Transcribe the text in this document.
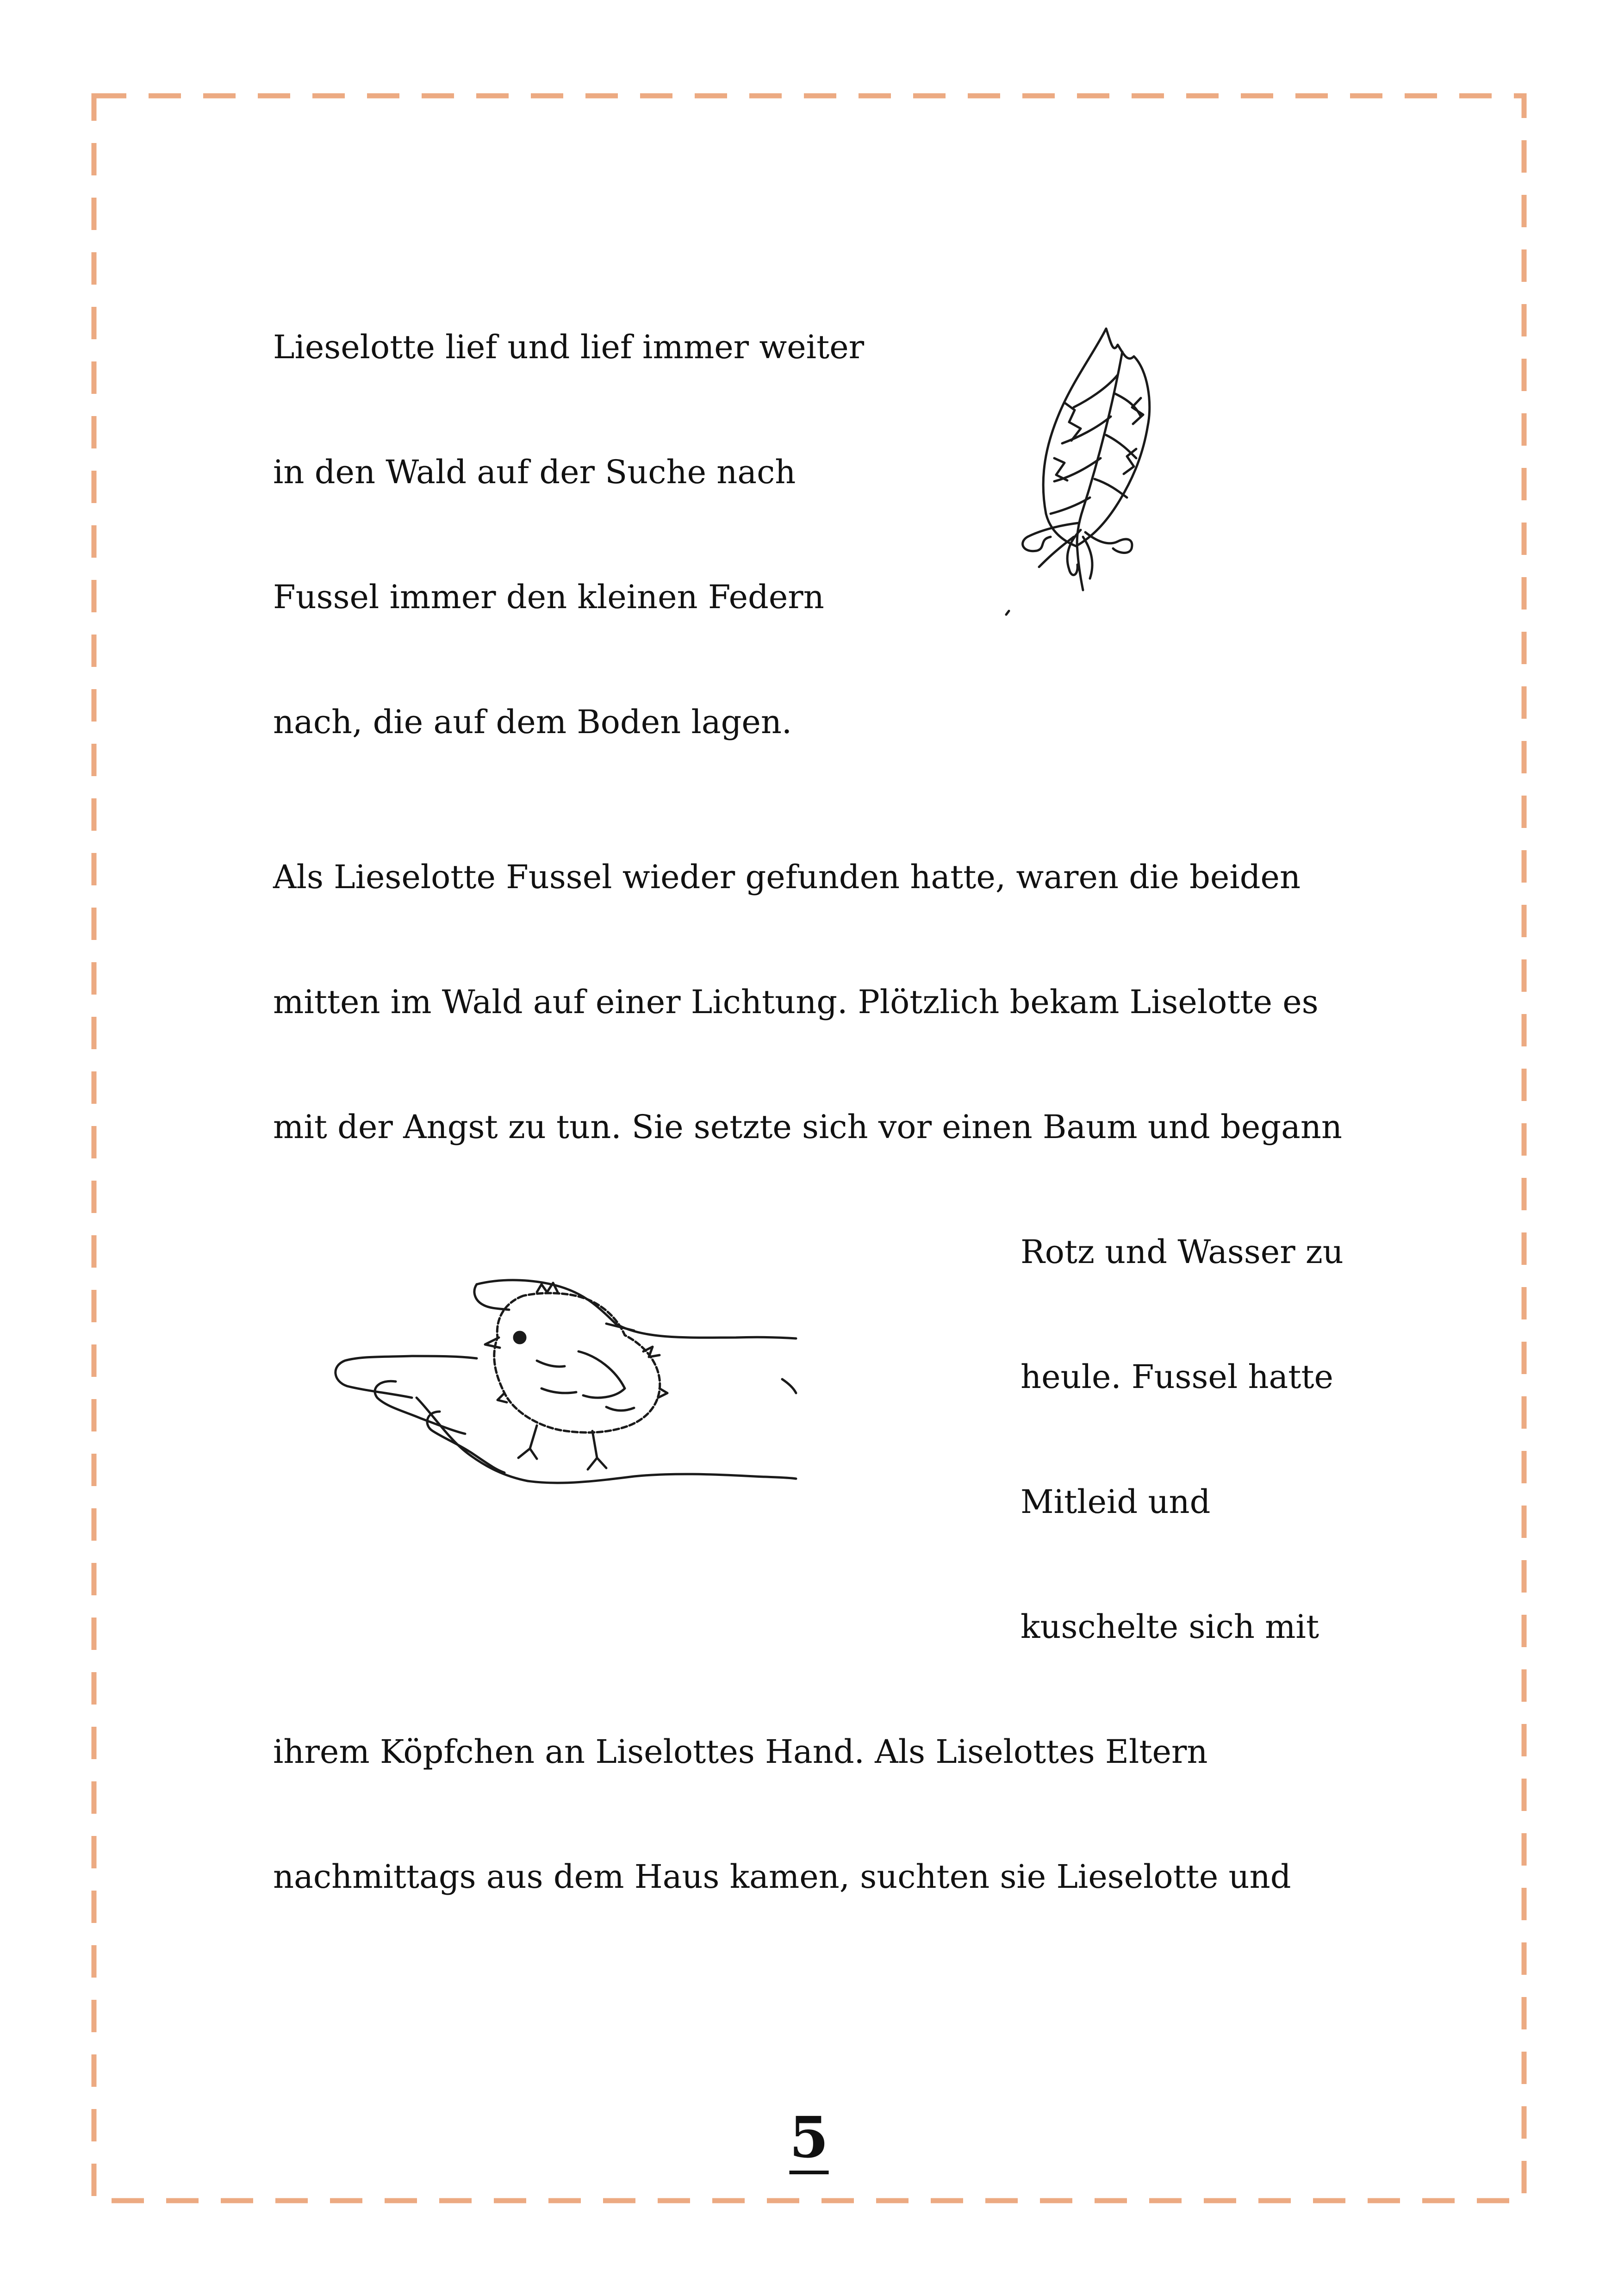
Lieselotte lief und lief immer weiter

in den Wald auf der Suche nach

Fussel immer den kleinen Federn

nach, die auf dem Boden lagen.

Als Lieselotte Fussel wieder gefunden hatte, waren die beiden

mitten im Wald auf einer Lichtung. Plötzlich bekam Liselotte es

mit der Angst zu tun. Sie setzte sich vor einen Baum und begann

Rotz und Wasser zu

heule. Fussel hatte

Mitleid und

kuschelte sich mit

ihrem Köpfchen an Liselottes Hand. Als Liselottes Eltern

nachmittags aus dem Haus kamen, suchten sie Lieselotte und

5
